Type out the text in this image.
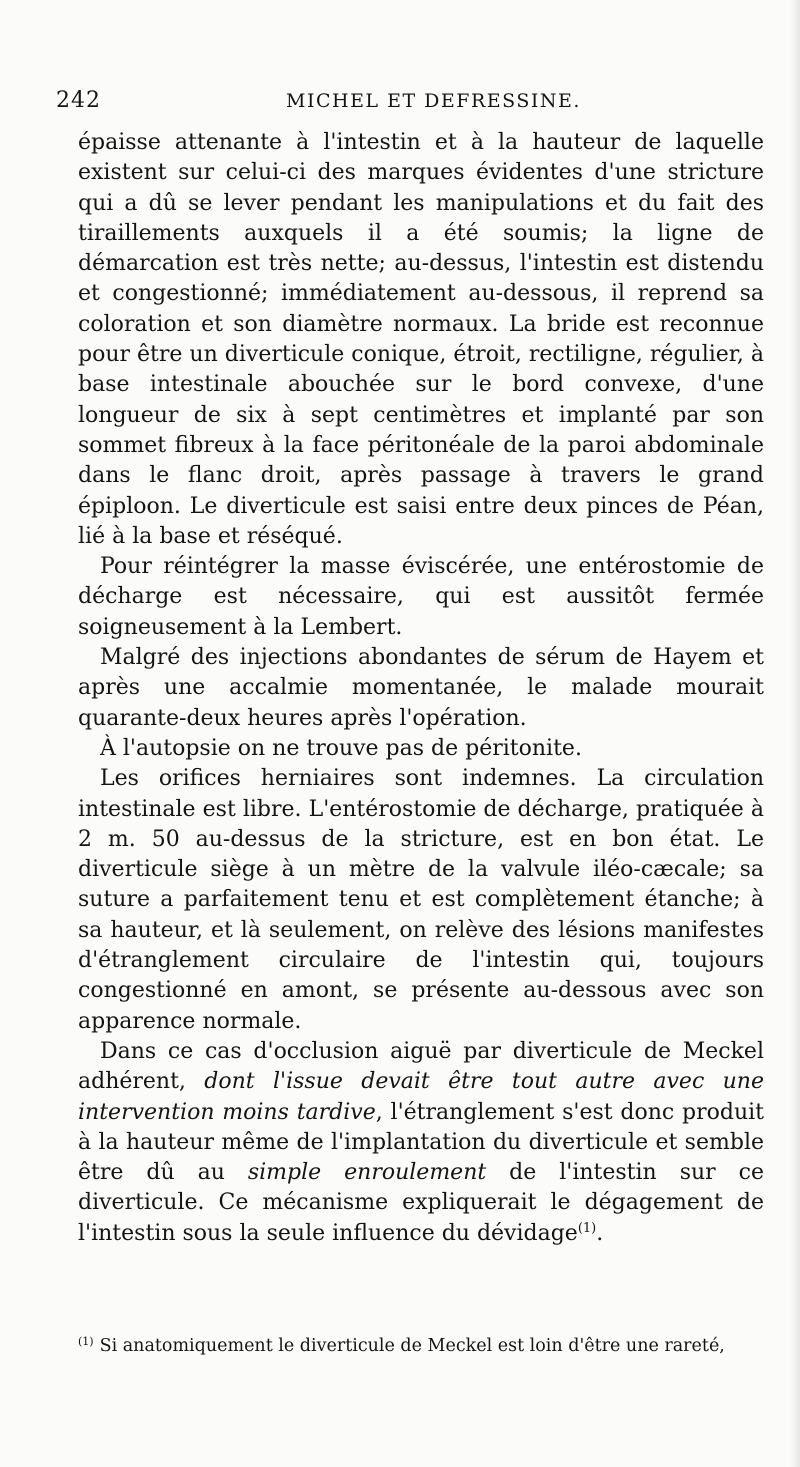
242	MICHEL ET DEFRESSINE.

épaisse attenante à l'intestin et à la hauteur de laquelle existent sur celui-ci des marques évidentes d'une stricture qui a dû se lever pendant les manipulations et du fait des tiraillements auxquels il a été soumis; la ligne de démarcation est très nette; au-dessus, l'intestin est distendu et congestionné; immédiatement au-dessous, il reprend sa coloration et son diamètre normaux. La bride est reconnue pour être un diverticule conique, étroit, rectiligne, régulier, à base intestinale abouchée sur le bord convexe, d'une longueur de six à sept centimètres et implanté par son sommet fibreux à la face péritonéale de la paroi abdominale dans le flanc droit, après passage à travers le grand épiploon. Le diverticule est saisi entre deux pinces de Péan, lié à la base et réséqué.

Pour réintégrer la masse éviscérée, une entérostomie de décharge est nécessaire, qui est aussitôt fermée soigneusement à la Lembert.

Malgré des injections abondantes de sérum de Hayem et après une accalmie momentanée, le malade mourait quarante-deux heures après l'opération.

À l'autopsie on ne trouve pas de péritonite.

Les orifices herniaires sont indemnes. La circulation intestinale est libre. L'entérostomie de décharge, pratiquée à 2 m. 50 au-dessus de la stricture, est en bon état. Le diverticule siège à un mètre de la valvule iléo-cæcale; sa suture a parfaitement tenu et est complètement étanche; à sa hauteur, et là seulement, on relève des lésions manifestes d'étranglement circulaire de l'intestin qui, toujours congestionné en amont, se présente au-dessous avec son apparence normale.

Dans ce cas d'occlusion aiguë par diverticule de Meckel adhérent, dont l'issue devait être tout autre avec une intervention moins tardive, l'étranglement s'est donc produit à la hauteur même de l'implantation du diverticule et semble être dû au simple enroulement de l'intestin sur ce diverticule. Ce mécanisme expliquerait le dégagement de l'intestin sous la seule influence du dévidage$^{(1)}$.

$^{(1)}$ Si anatomiquement le diverticule de Meckel est loin d'être une rareté,
